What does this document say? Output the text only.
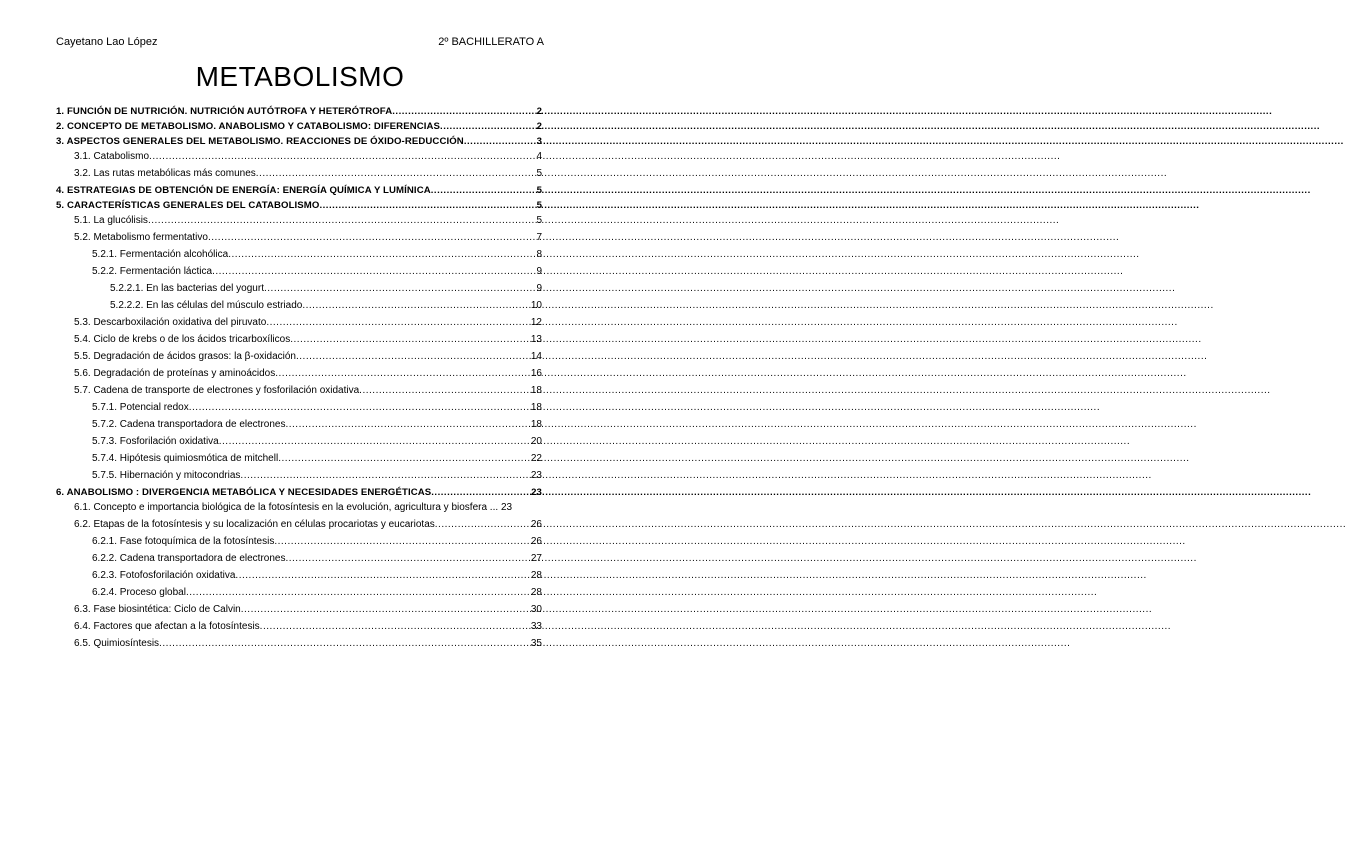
Cayetano Lao López	2º BACHILLERATO A
METABOLISMO
1. FUNCIÓN DE NUTRICIÓN. NUTRICIÓN AUTÓTROFA Y HETERÓTROFA .....	2
2. CONCEPTO DE METABOLISMO. ANABOLISMO Y CATABOLISMO: DIFERENCIAS .....	2
3. ASPECTOS GENERALES DEL METABOLISMO. REACCIONES DE ÓXIDO-REDUCCIÓN .....	3
3.1. Catabolismo .....	4
3.2. Las rutas metabólicas más comunes .....	5
4. ESTRATEGIAS DE OBTENCIÓN DE ENERGÍA: ENERGÍA QUÍMICA Y LUMÍNICA .....	5
5. CARACTERÍSTICAS GENERALES DEL CATABOLISMO .....	5
5.1. La glucólisis .....	5
5.2. Metabolismo fermentativo .....	7
5.2.1. Fermentación alcohólica .....	8
5.2.2. Fermentación láctica .....	9
5.2.2.1. En las bacterias del yogurt .....	9
5.2.2.2. En las células del músculo estriado .....	10
5.3. Descarboxilación oxidativa del piruvato .....	12
5.4. Ciclo de krebs o de los ácidos tricarboxílicos .....	13
5.5. Degradación de ácidos grasos: la β-oxidación .....	14
5.6. Degradación de proteínas y aminoácidos .....	16
5.7. Cadena de transporte de electrones y fosforilación oxidativa .....	18
5.7.1. Potencial redox .....	18
5.7.2. Cadena transportadora de electrones .....	18
5.7.3. Fosforilación oxidativa .....	20
5.7.4. Hipótesis quimiosmótica de mitchell .....	22
5.7.5. Hibernación y mitocondrias .....	23
6. ANABOLISMO : DIVERGENCIA METABÓLICA Y NECESIDADES ENERGÉTICAS .....	23
6.1. Concepto e importancia biológica de la fotosíntesis en la evolución, agricultura y biosfera ... 23
6.2. Etapas de la fotosíntesis y su localización en células procariotas y eucariotas .....	26
6.2.1. Fase fotoquímica de la fotosíntesis .....	26
6.2.2. Cadena transportadora de electrones .....	27
6.2.3. Fotofosforilación oxidativa .....	28
6.2.4. Proceso global .....	28
6.3. Fase biosintética: Ciclo de Calvin .....	30
6.4. Factores que afectan a la fotosíntesis .....	33
6.5. Quimiosíntesis .....	35
